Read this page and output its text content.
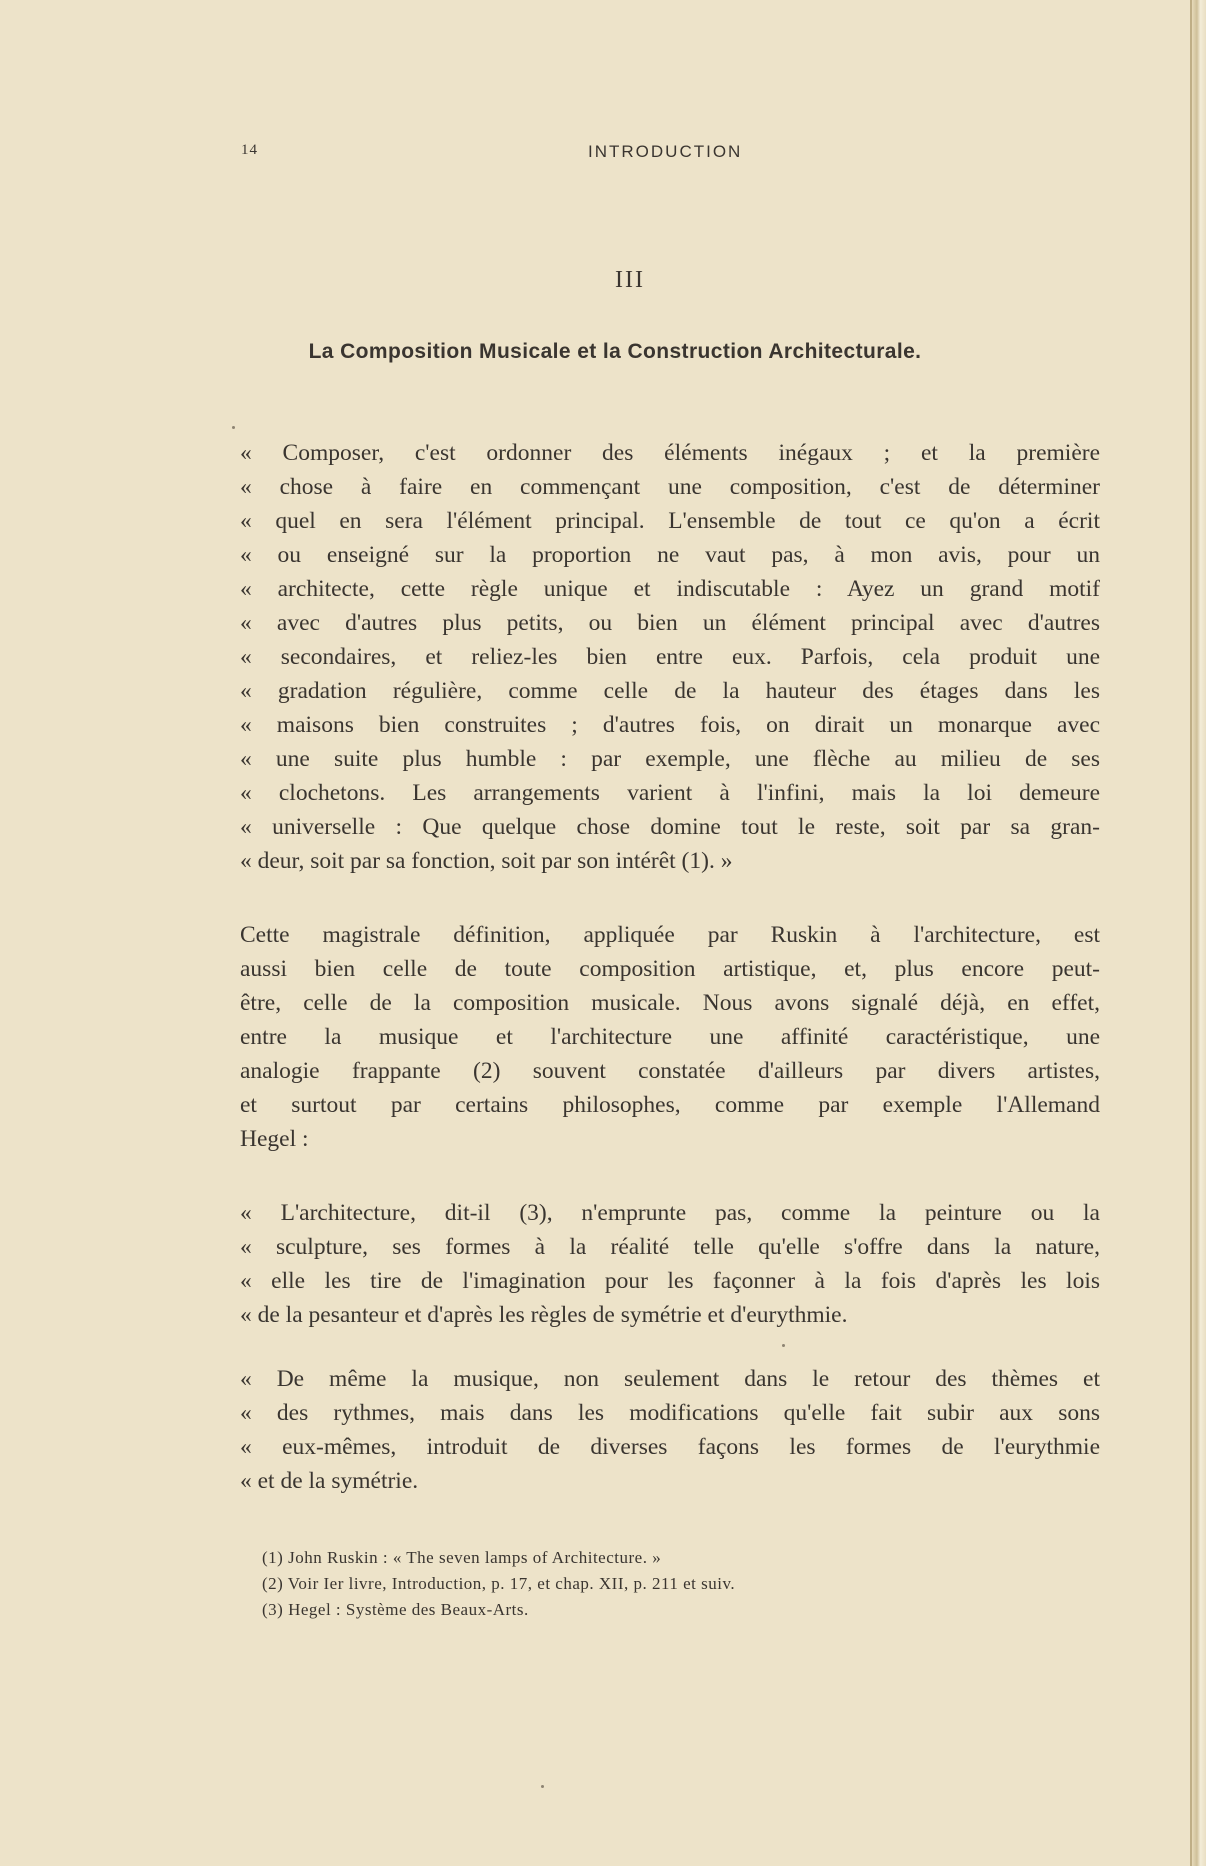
14	INTRODUCTION
III
La Composition Musicale et la Construction Architecturale.
« Composer, c'est ordonner des éléments inégaux ; et la première
« chose à faire en commençant une composition, c'est de déterminer
« quel en sera l'élément principal. L'ensemble de tout ce qu'on a écrit
« ou enseigné sur la proportion ne vaut pas, à mon avis, pour un
« architecte, cette règle unique et indiscutable : Ayez un grand motif
« avec d'autres plus petits, ou bien un élément principal avec d'autres
« secondaires, et reliez-les bien entre eux. Parfois, cela produit une
« gradation régulière, comme celle de la hauteur des étages dans les
« maisons bien construites ; d'autres fois, on dirait un monarque avec
« une suite plus humble : par exemple, une flèche au milieu de ses
« clochetons. Les arrangements varient à l'infini, mais la loi demeure
« universelle : Que quelque chose domine tout le reste, soit par sa gran-
« deur, soit par sa fonction, soit par son intérêt (1). »
Cette magistrale définition, appliquée par Ruskin à l'architecture, est
aussi bien celle de toute composition artistique, et, plus encore peut-
être, celle de la composition musicale. Nous avons signalé déjà, en effet,
entre la musique et l'architecture une affinité caractéristique, une
analogie frappante (2) souvent constatée d'ailleurs par divers artistes,
et surtout par certains philosophes, comme par exemple l'Allemand
Hegel :
« L'architecture, dit-il (3), n'emprunte pas, comme la peinture ou la
« sculpture, ses formes à la réalité telle qu'elle s'offre dans la nature,
« elle les tire de l'imagination pour les façonner à la fois d'après les lois
« de la pesanteur et d'après les règles de symétrie et d'eurythmie.
« De même la musique, non seulement dans le retour des thèmes et
« des rythmes, mais dans les modifications qu'elle fait subir aux sons
« eux-mêmes, introduit de diverses façons les formes de l'eurythmie
« et de la symétrie.
(1) John Ruskin : « The seven lamps of Architecture. »
(2) Voir Ier livre, Introduction, p. 17, et chap. XII, p. 211 et suiv.
(3) Hegel : Système des Beaux-Arts.
